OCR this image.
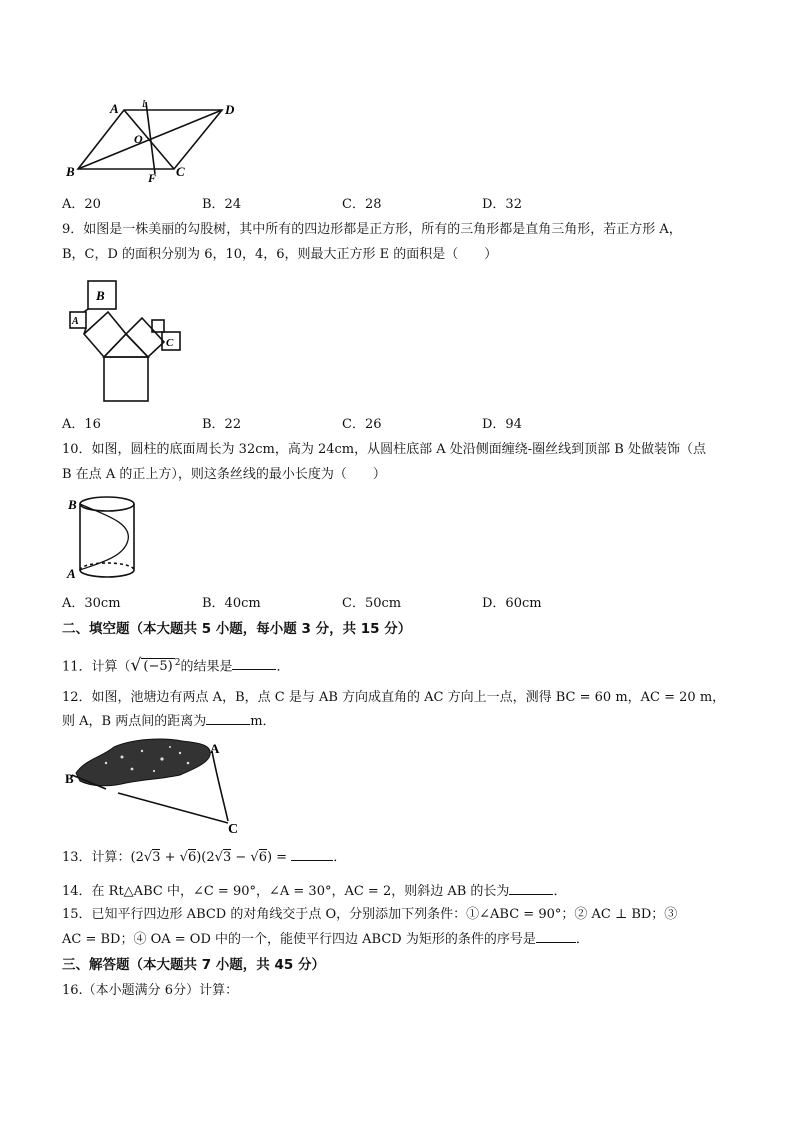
A	D
B	C
O
F
L
A．20	B．24	C．28	D．32
9．如图是一株美丽的勾股树，其中所有的四边形都是正方形，所有的三角形都是直角三角形，若正方形 A，
B，C，D 的面积分别为 6，10，4，6，则最大正方形 E 的面积是（　　）
B
A
C
A．16	B．22	C．26	D．94
10．如图，圆柱的底面周长为 32cm，高为 24cm，从圆柱底部 A 处沿侧面缠绕-圈丝线到顶部 B 处做装饰（点
B 在点 A 的正上方），则这条丝线的最小长度为（　　）
B
A
A．30cm	B．40cm	C．50cm	D．60cm
二、填空题（本大题共 5 小题，每小题 3 分，共 15 分）
11．计算（√ (−5) $^2$的结果是	．
12．如图，池塘边有两点 A，B，点 C 是与 AB 方向成直角的 AC 方向上一点，测得 BC = 60 m，AC = 20 m，
则 A，B 两点间的距离为	m．
A
B
C
13．计算：(2√3 + √6)(2√3 − √6) =	．
14．在 Rt△ABC 中，∠C = 90°，∠A = 30°，AC = 2，则斜边 AB 的长为	．
15．已知平行四边形 ABCD 的对角线交于点 O，分别添加下列条件：①∠ABC = 90°；② AC ⊥ BD；③
AC = BD；④ OA = OD 中的一个，能使平行四边 ABCD 为矩形的条件的序号是	．
三、解答题（本大题共 7 小题，共 45 分）
16.（本小题满分 6分）计算：
